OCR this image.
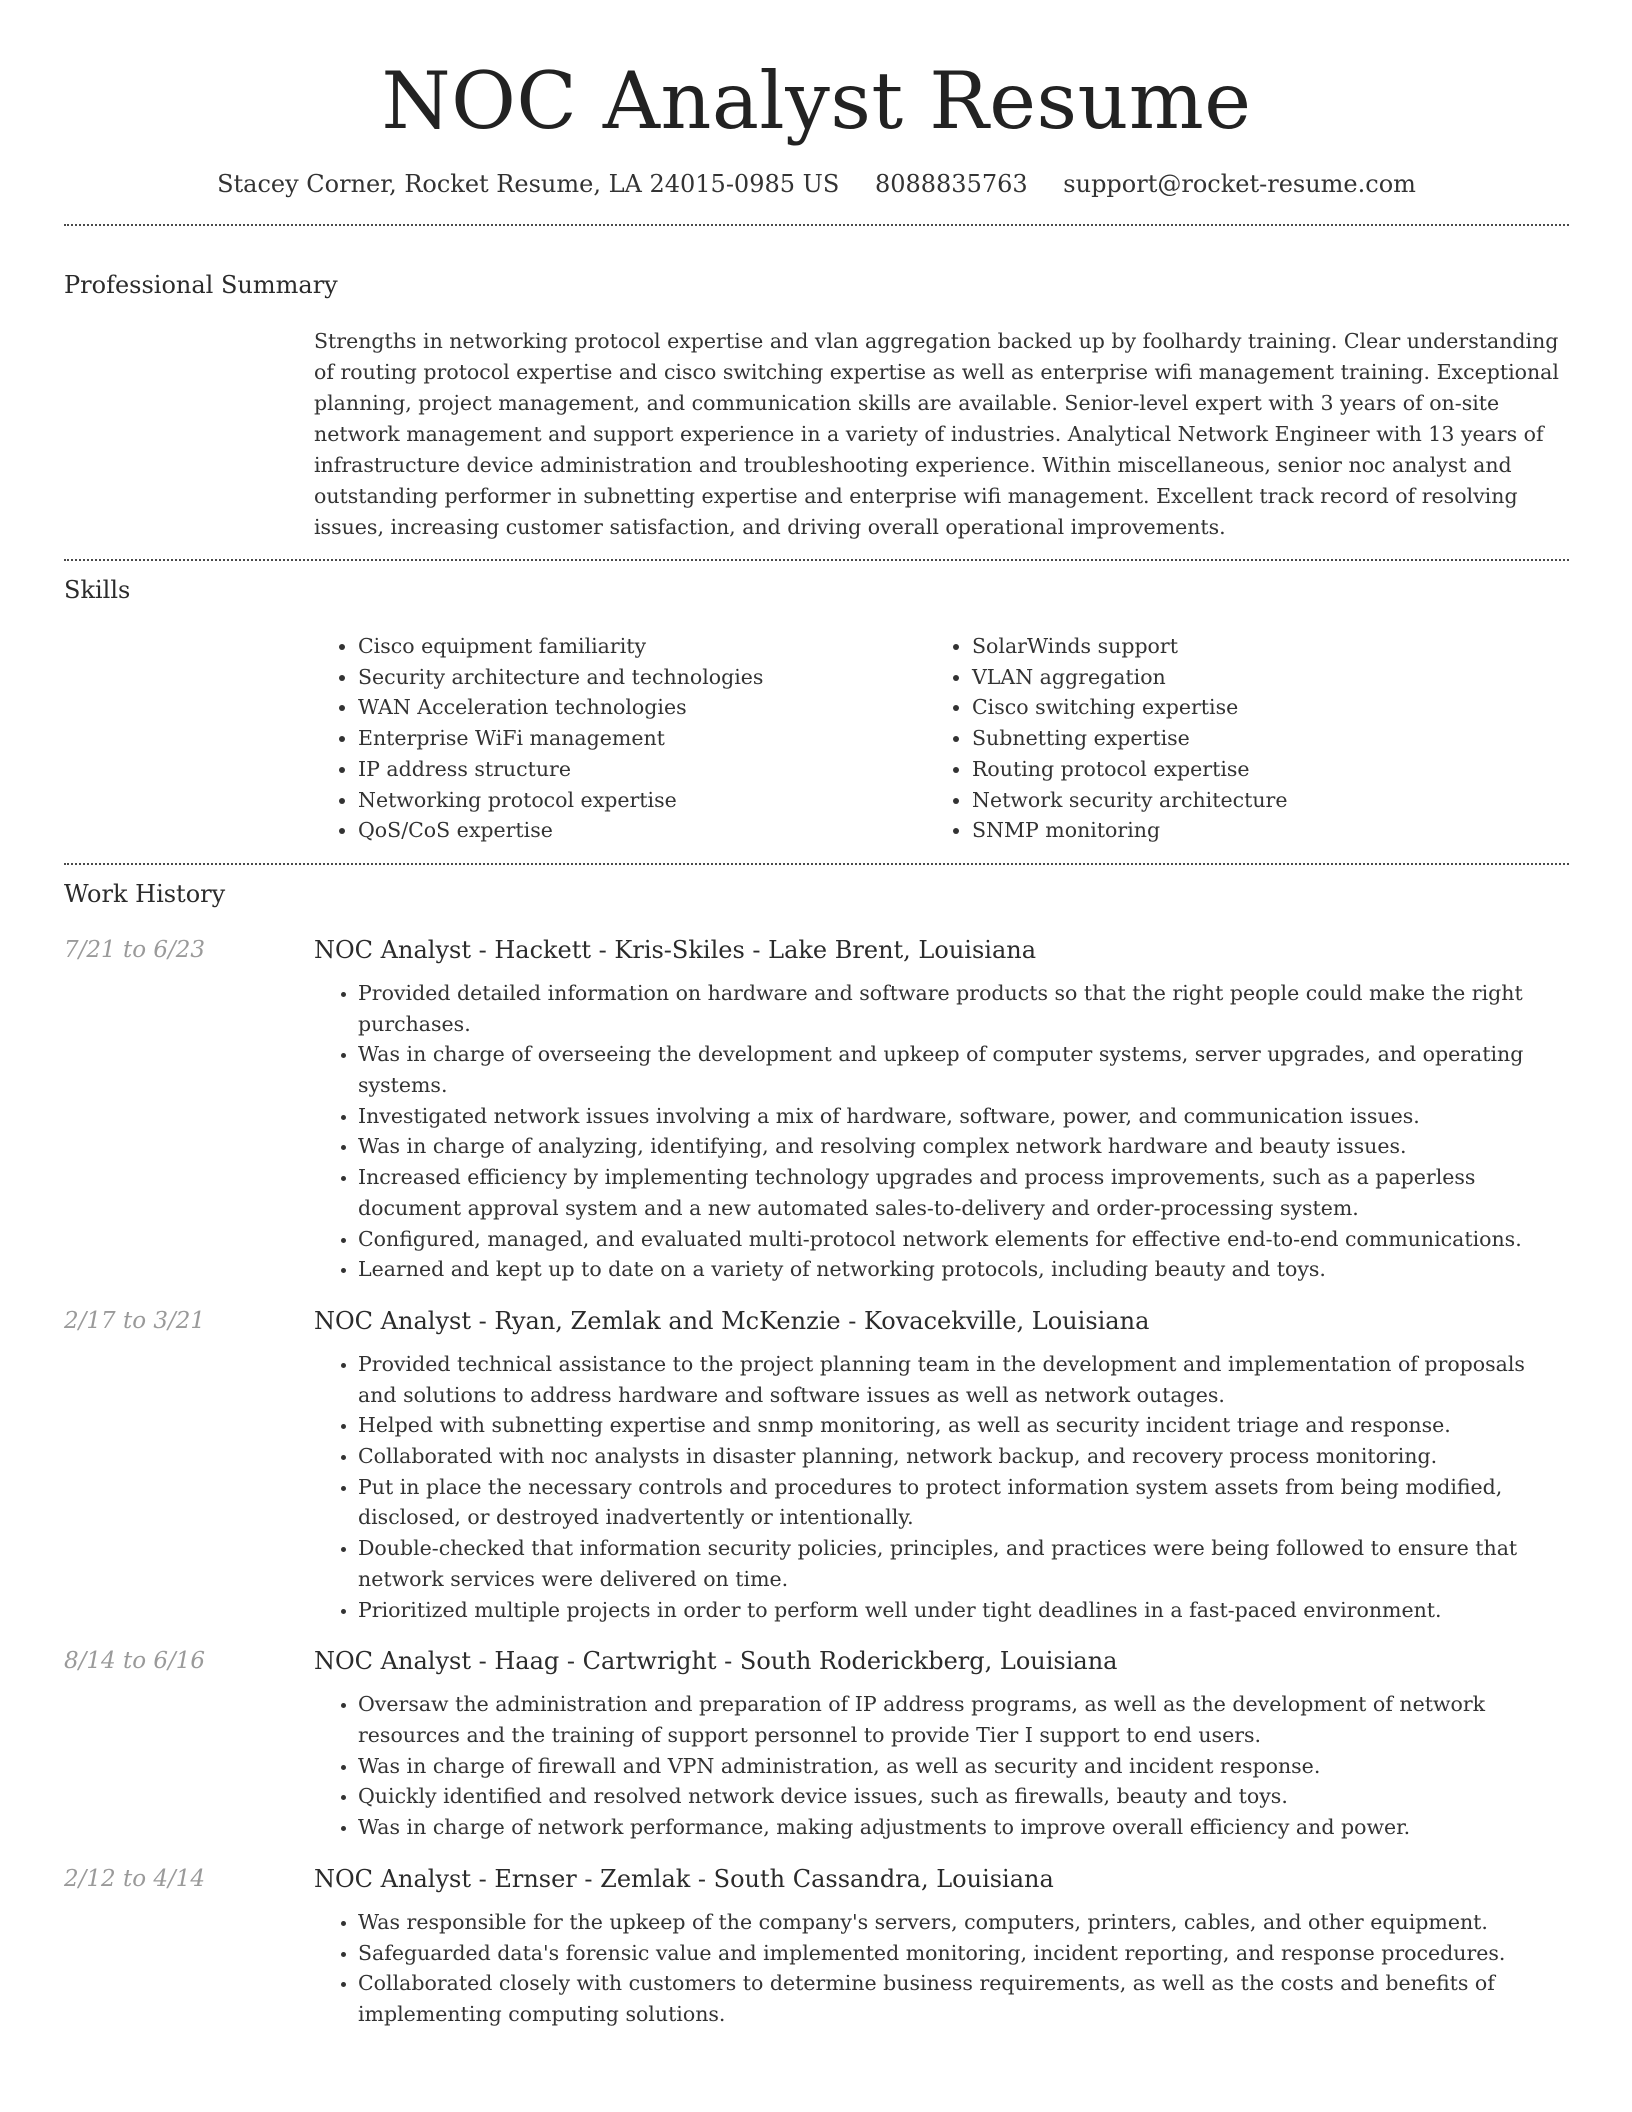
NOC Analyst Resume
Stacey Corner, Rocket Resume, LA 24015-0985 US 8088835763 support@rocket-resume.com
Professional Summary
Strengths in networking protocol expertise and vlan aggregation backed up by foolhardy training. Clear understanding of routing protocol expertise and cisco switching expertise as well as enterprise wifi management training. Exceptional planning, project management, and communication skills are available. Senior-level expert with 3 years of on-site network management and support experience in a variety of industries. Analytical Network Engineer with 13 years of infrastructure device administration and troubleshooting experience. Within miscellaneous, senior noc analyst and outstanding performer in subnetting expertise and enterprise wifi management. Excellent track record of resolving issues, increasing customer satisfaction, and driving overall operational improvements.
Skills
• Cisco equipment familiarity
• Security architecture and technologies
• WAN Acceleration technologies
• Enterprise WiFi management
• IP address structure
• Networking protocol expertise
• QoS/CoS expertise
• SolarWinds support
• VLAN aggregation
• Cisco switching expertise
• Subnetting expertise
• Routing protocol expertise
• Network security architecture
• SNMP monitoring
Work History
7/21 to 6/23	NOC Analyst - Hackett - Kris-Skiles - Lake Brent, Louisiana
• Provided detailed information on hardware and software products so that the right people could make the right purchases.
• Was in charge of overseeing the development and upkeep of computer systems, server upgrades, and operating systems.
• Investigated network issues involving a mix of hardware, software, power, and communication issues.
• Was in charge of analyzing, identifying, and resolving complex network hardware and beauty issues.
• Increased efficiency by implementing technology upgrades and process improvements, such as a paperless document approval system and a new automated sales-to-delivery and order-processing system.
• Configured, managed, and evaluated multi-protocol network elements for effective end-to-end communications.
• Learned and kept up to date on a variety of networking protocols, including beauty and toys.
2/17 to 3/21	NOC Analyst - Ryan, Zemlak and McKenzie - Kovacekville, Louisiana
• Provided technical assistance to the project planning team in the development and implementation of proposals and solutions to address hardware and software issues as well as network outages.
• Helped with subnetting expertise and snmp monitoring, as well as security incident triage and response.
• Collaborated with noc analysts in disaster planning, network backup, and recovery process monitoring.
• Put in place the necessary controls and procedures to protect information system assets from being modified, disclosed, or destroyed inadvertently or intentionally.
• Double-checked that information security policies, principles, and practices were being followed to ensure that network services were delivered on time.
• Prioritized multiple projects in order to perform well under tight deadlines in a fast-paced environment.
8/14 to 6/16	NOC Analyst - Haag - Cartwright - South Roderickberg, Louisiana
• Oversaw the administration and preparation of IP address programs, as well as the development of network resources and the training of support personnel to provide Tier I support to end users.
• Was in charge of firewall and VPN administration, as well as security and incident response.
• Quickly identified and resolved network device issues, such as firewalls, beauty and toys.
• Was in charge of network performance, making adjustments to improve overall efficiency and power.
2/12 to 4/14	NOC Analyst - Ernser - Zemlak - South Cassandra, Louisiana
• Was responsible for the upkeep of the company's servers, computers, printers, cables, and other equipment.
• Safeguarded data's forensic value and implemented monitoring, incident reporting, and response procedures.
• Collaborated closely with customers to determine business requirements, as well as the costs and benefits of implementing computing solutions.
